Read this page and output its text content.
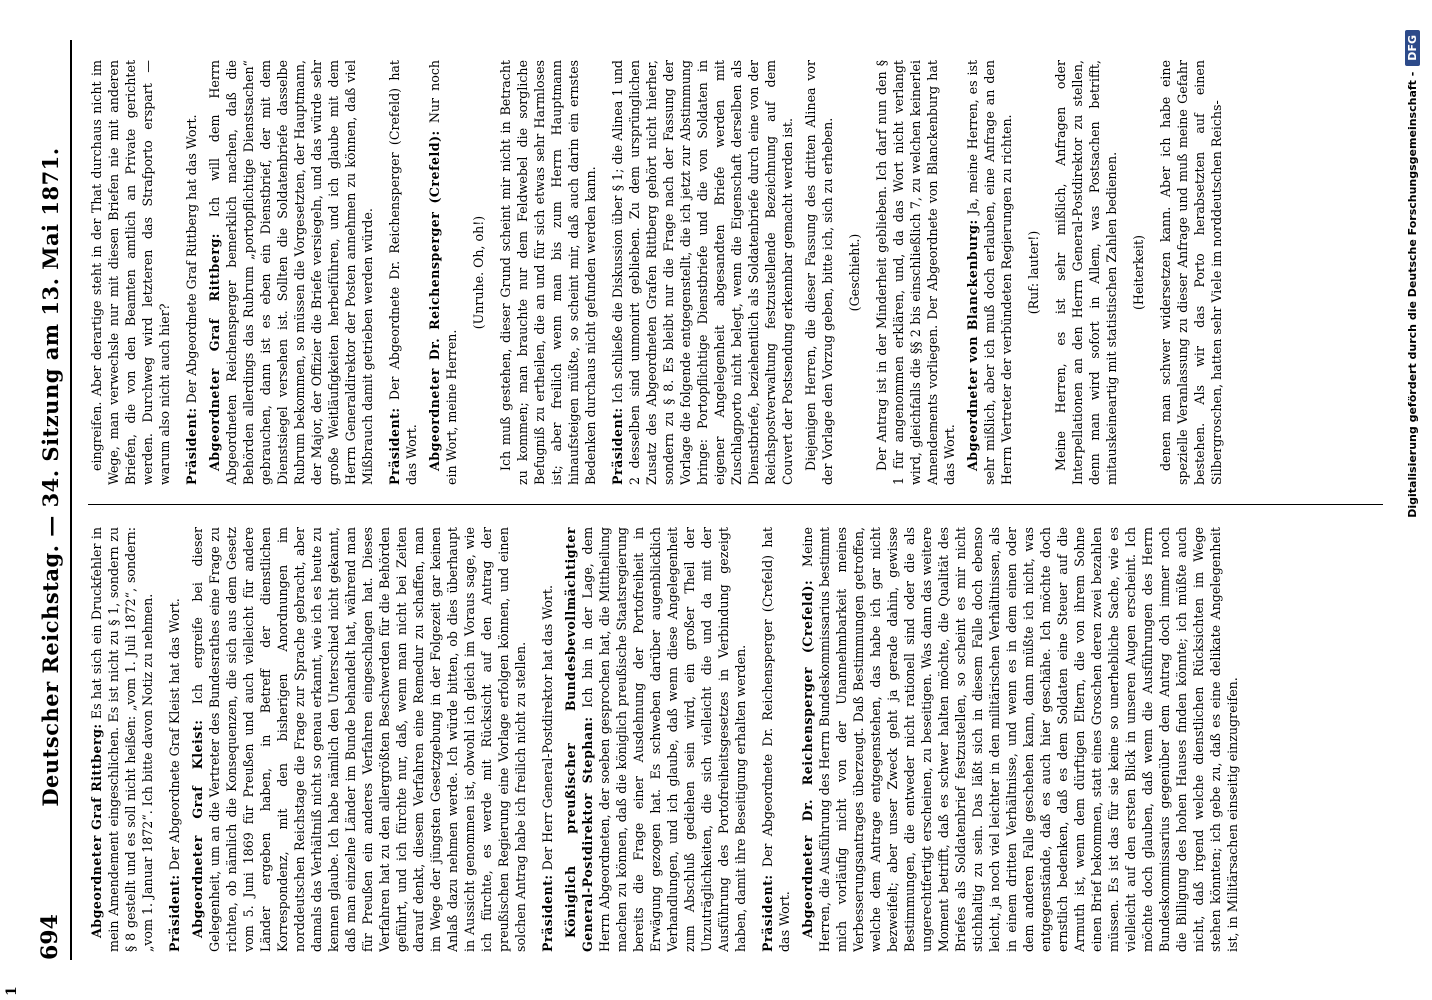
1
694
Deutscher Reichstag. — 34. Sitzung am 13. Mai 1871.

Abgeordneter Graf Rittberg: Es hat sich ein Druckfehler in mein Amendement eingeschlichen. Es ist nicht zu § 1, sondern zu § 8 gestellt und es soll nicht heißen: „vom 1. Juli 1872“, sondern: „vom 1. Januar 1872“. Ich bitte davon Notiz zu nehmen. Präsident: Der Abgeordnete Graf Kleist hat das Wort. Abgeordneter Graf Kleist: Ich ergreife bei dieser Gelegenheit, um an die Vertreter des Bundesrathes eine Frage zu richten, ob nämlich die Konsequenzen, die sich aus dem Gesetz vom 5. Juni 1869 für Preußen und auch vielleicht für andere Länder ergeben haben, in Betreff der dienstlichen Korrespondenz, mit den bisherigen Anordnungen im norddeutschen Reichstage die Frage zur Sprache gebracht, aber damals das Verhältniß nicht so genau erkannt, wie ich es heute zu kennen glaube. Ich habe nämlich den Unterschied nicht gekannt, daß man einzelne Länder im Bunde behandelt hat, während man für Preußen ein anderes Verfahren eingeschlagen hat. Dieses Verfahren hat zu den allergrößten Beschwerden für die Behörden geführt, und ich fürchte nur, daß, wenn man nicht bei Zeiten darauf denkt, diesem Verfahren eine Remedur zu schaffen, man im Wege der jüngsten Gesetzgebung in der Folgezeit gar keinen Anlaß dazu nehmen werde. Ich würde bitten, ob dies überhaupt in Aussicht genommen ist, obwohl ich gleich im Voraus sage, wie ich fürchte, es werde mit Rücksicht auf den Antrag der preußischen Regierung eine Vorlage erfolgen können, und einen solchen Antrag habe ich freilich nicht zu stellen. Präsident: Der Herr General-Postdirektor hat das Wort. Königlich preußischer Bundesbevollmächtigter General-Postdirektor Stephan: Ich bin in der Lage, dem Herrn Abgeordneten, der soeben gesprochen hat, die Mittheilung machen zu können, daß die königlich preußische Staatsregierung bereits die Frage einer Ausdehnung der Portofreiheit in Erwägung gezogen hat. Es schweben darüber augenblicklich Verhandlungen, und ich glaube, daß wenn diese Angelegenheit zum Abschluß gediehen sein wird, ein großer Theil der Unzuträglichkeiten, die sich vielleicht die und da mit der Ausführung des Portofreiheitsgesetzes in Verbindung gezeigt haben, damit ihre Beseitigung erhalten werden. Präsident: Der Abgeordnete Dr. Reichensperger (Crefeld) hat das Wort. Abgeordneter Dr. Reichensperger (Crefeld): Meine Herren, die Ausführung des Herrn Bundeskommissarius bestimmt mich vorläufig nicht von der Unannehmbarkeit meines Verbesserungsantrages überzeugt. Daß Bestimmungen getroffen, welche dem Antrage entgegenstehen, das habe ich gar nicht bezweifelt; aber unser Zweck geht ja gerade dahin, gewisse Bestimmungen, die entweder nicht rationell sind oder die als ungerechtfertigt erscheinen, zu beseitigen. Was dann das weitere Moment betrifft, daß es schwer halten möchte, die Qualität des Briefes als Soldatenbrief festzustellen, so scheint es mir nicht stichhaltig zu sein. Das läßt sich in diesem Falle doch ebenso leicht, ja noch viel leichter in den militärischen Verhältnissen, als in einem dritten Verhältnisse, und wenn es in dem einen oder dem anderen Falle geschehen kann, dann müßte ich nicht, was entgegenstände, daß es auch hier geschähe. Ich möchte doch ernstlich bedenken, daß es dem Soldaten eine Steuer auf die Armuth ist, wenn dem dürftigen Eltern, die von ihrem Sohne einen Brief bekommen, statt eines Groschen deren zwei bezahlen müssen. Es ist das für sie keine so unerhebliche Sache, wie es vielleicht auf den ersten Blick in unseren Augen erscheint. Ich möchte doch glauben, daß wenn die Ausführungen des Herrn Bundeskommissarius gegenüber dem Antrag doch immer noch die Billigung des hohen Hauses finden könnte; ich müßte auch nicht, daß irgend welche dienstlichen Rücksichten im Wege stehen könnten; ich gebe zu, daß es eine delikate Angelegenheit ist, in Militärsachen einseitig einzugreifen.

eingreifen. Aber derartige steht in der That durchaus nicht im Wege, man verwechsle nur mit diesen Briefen nie mit anderen Briefen, die von den Beamten amtlich an Private gerichtet werden. Durchweg wird letzteren das Strafporto erspart — warum also nicht auch hier? Präsident: Der Abgeordnete Graf Rittberg hat das Wort. Abgeordneter Graf Rittberg: Ich will dem Herrn Abgeordneten Reichensperger bemerklich machen, daß die Behörden allerdings das Rubrum „portopflichtige Dienstsachen“ gebrauchen, dann ist es eben ein Dienstbrief, der mit dem Dienstsiegel versehen ist. Sollten die Soldatenbriefe dasselbe Rubrum bekommen, so müssen die Vorgesetzten, der Hauptmann, der Major, der Offizier die Briefe versiegeln, und das würde sehr große Weitläufigkeiten herbeiführen, und ich glaube mit dem Herrn Generaldirektor der Posten annehmen zu können, daß viel Mißbrauch damit getrieben werden würde. Präsident: Der Abgeordnete Dr. Reichensperger (Crefeld) hat das Wort. Abgeordneter Dr. Reichensperger (Crefeld): Nur noch ein Wort, meine Herren.

(Unruhe. Oh, oh!) Ich muß gestehen, dieser Grund scheint mir nicht in Betracht zu kommen; man brauchte nur dem Feldwebel die sorgliche Befugniß zu ertheilen, die an und für sich etwas sehr Harmloses ist; aber freilich wenn man bis zum Herrn Hauptmann hinaufsteigen müßte, so scheint mir, daß auch darin ein ernstes Bedenken durchaus nicht gefunden werden kann. Präsident: Ich schließe die Diskussion über § 1; die Alinea 1 und 2 desselben sind unmonirt geblieben. Zu dem ursprünglichen Zusatz des Abgeordneten Grafen Rittberg gehört nicht hierher, sondern zu § 8. Es bleibt nur die Frage nach der Fassung der Vorlage die folgende entgegenstellt, die ich jetzt zur Abstimmung bringe: Portopflichtige Dienstbriefe und die von Soldaten in eigener Angelegenheit abgesandten Briefe werden mit Zuschlagporto nicht belegt, wenn die Eigenschaft derselben als Dienstbriefe, beziehentlich als Soldatenbriefe durch eine von der Reichspostverwaltung festzustellende Bezeichnung auf dem Couvert der Postsendung erkennbar gemacht werden ist. Diejenigen Herren, die dieser Fassung des dritten Alinea vor der Vorlage den Vorzug geben, bitte ich, sich zu erheben. (Geschieht.) Der Antrag ist in der Minderheit geblieben. Ich darf nun den § 1 für angenommen erklären, und, da das Wort nicht verlangt wird, gleichfalls die §§ 2 bis einschließlich 7, zu welchen keinerlei Amendements vorliegen. Der Abgeordnete von Blanckenburg hat das Wort. Abgeordneter von Blanckenburg: Ja, meine Herren, es ist sehr mißlich, aber ich muß doch erlauben, eine Anfrage an den Herrn Vertreter der verbündeten Regierungen zu richten. (Ruf: lauter!) Meine Herren, es ist sehr mißlich, Anfragen oder Interpellationen an den Herrn General-Postdirektor zu stellen, denn man wird sofort in Allem, was Postsachen betrifft, mitauskeineartig mit statistischen Zahlen bedienen. (Heiterkeit) denen man schwer widersetzen kann. Aber ich habe eine spezielle Veranlassung zu dieser Anfrage und muß meine Gefahr bestehen. Als wir das Porto herabsetzten auf einen Silbergroschen, hatten sehr Viele im norddeutschen Reichs-	Digitalisierung gefördert durch die Deutsche Forschungsgemeinschaft -
DFG
